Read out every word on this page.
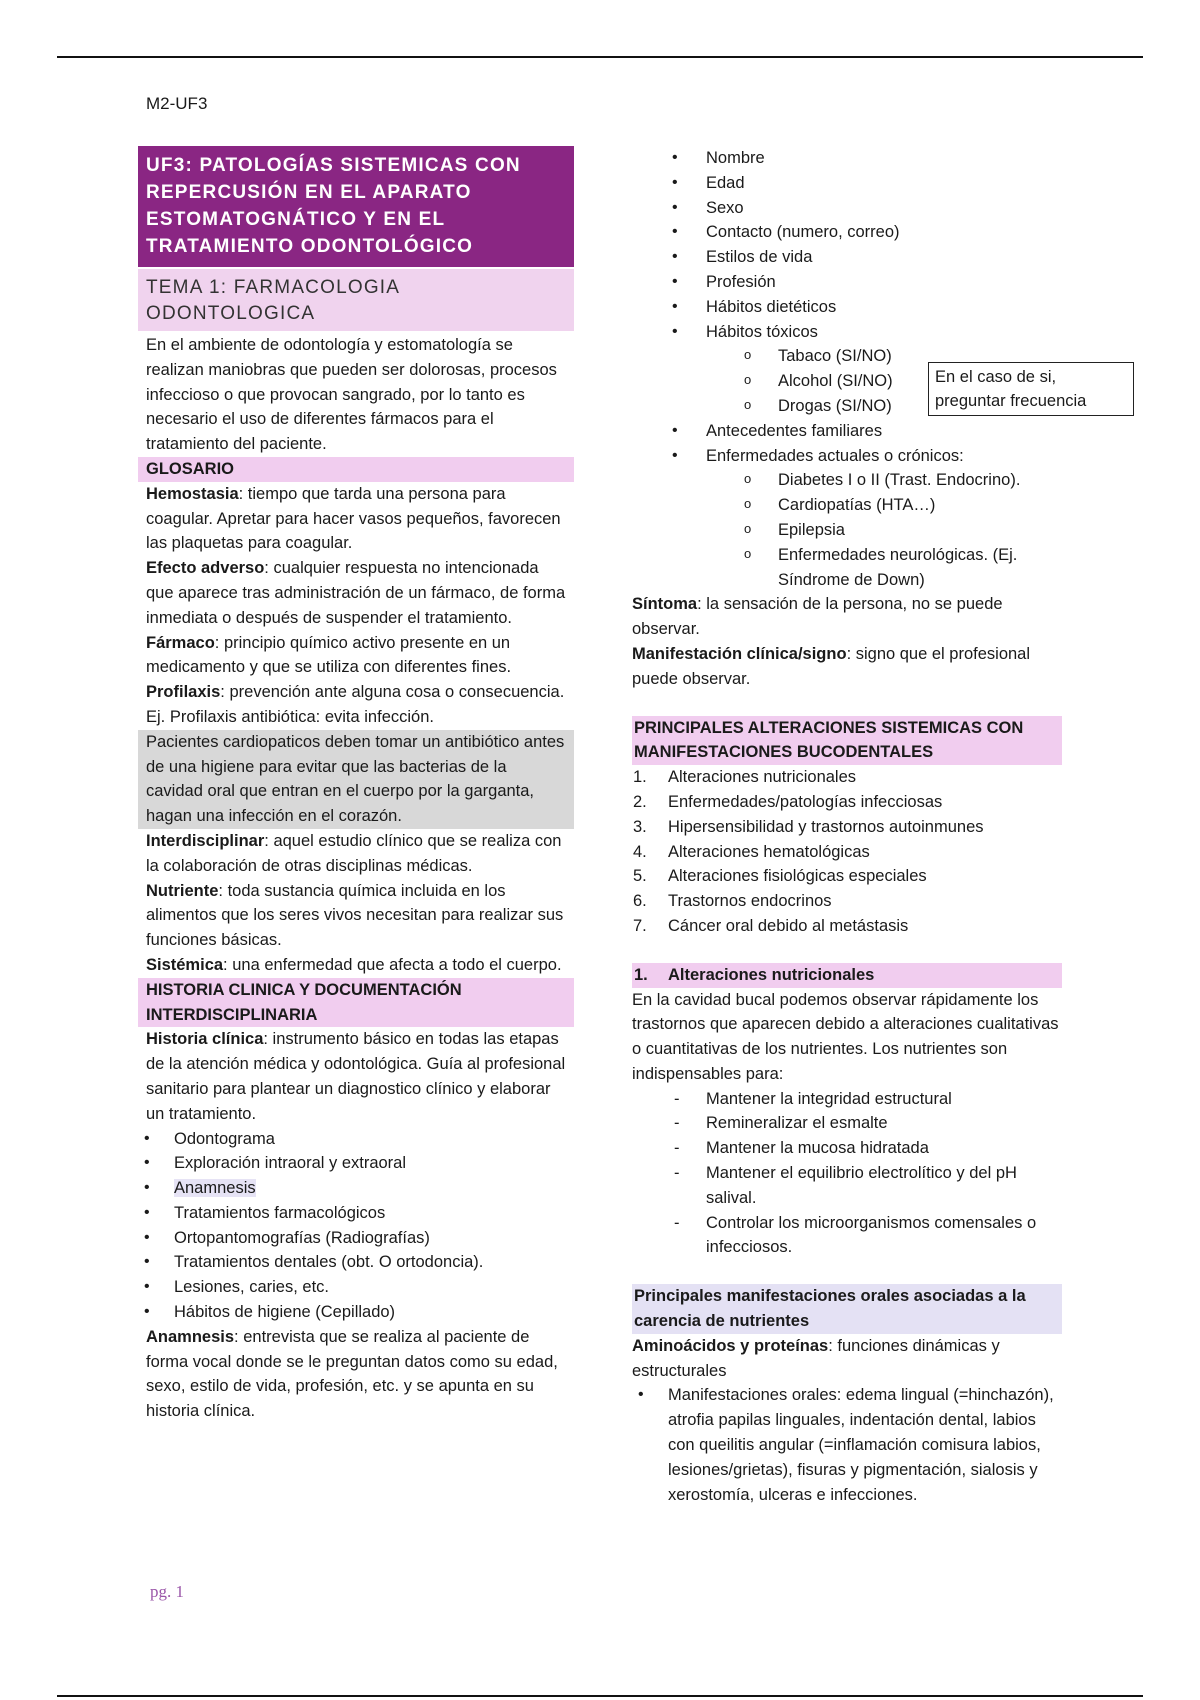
M2-UF3
UF3: PATOLOGÍAS SISTEMICAS CON REPERCUSIÓN EN EL APARATO ESTOMATOGNÁTICO Y EN EL TRATAMIENTO ODONTOLÓGICO
TEMA 1: FARMACOLOGIA ODONTOLOGICA

En el ambiente de odontología y estomatología se realizan maniobras que pueden ser dolorosas, procesos infeccioso o que provocan sangrado, por lo tanto es necesario el uso de diferentes fármacos para el tratamiento del paciente.

GLOSARIO

Hemostasia: tiempo que tarda una persona para coagular. Apretar para hacer vasos pequeños, favorecen las plaquetas para coagular.

Efecto adverso: cualquier respuesta no intencionada que aparece tras administración de un fármaco, de forma inmediata o después de suspender el tratamiento.

Fármaco: principio químico activo presente en un medicamento y que se utiliza con diferentes fines.

Profilaxis: prevención ante alguna cosa o consecuencia. Ej. Profilaxis antibiótica: evita infección.

Pacientes cardiopaticos deben tomar un antibiótico antes de una higiene para evitar que las bacterias de la cavidad oral que entran en el cuerpo por la garganta, hagan una infección en el corazón.

Interdisciplinar: aquel estudio clínico que se realiza con la colaboración de otras disciplinas médicas.

Nutriente: toda sustancia química incluida en los alimentos que los seres vivos necesitan para realizar sus funciones básicas.

Sistémica: una enfermedad que afecta a todo el cuerpo.

HISTORIA CLINICA Y DOCUMENTACIÓN INTERDISCIPLINARIA

Historia clínica: instrumento básico en todas las etapas de la atención médica y odontológica. Guía al profesional sanitario para plantear un diagnostico clínico y elaborar un tratamiento.

• Odontograma
• Exploración intraoral y extraoral
• Anamnesis
• Tratamientos farmacológicos
• Ortopantomografías (Radiografías)
• Tratamientos dentales (obt. O ortodoncia).
• Lesiones, caries, etc.
• Hábitos de higiene (Cepillado)

Anamnesis: entrevista que se realiza al paciente de forma vocal donde se le preguntan datos como su edad, sexo, estilo de vida, profesión, etc. y se apunta en su historia clínica.

• Nombre
• Edad
• Sexo
• Contacto (numero, correo)
• Estilos de vida
• Profesión
• Hábitos dietéticos
• Hábitos tóxicos
o Tabaco (SI/NO)
o Alcohol (SI/NO)
o Drogas (SI/NO)
• Antecedentes familiares
• Enfermedades actuales o crónicos:
o Diabetes I o II (Trast. Endocrino).
o Cardiopatías (HTA…)
o Epilepsia
o Enfermedades neurológicas. (Ej. Síndrome de Down)

Síntoma: la sensación de la persona, no se puede observar.

Manifestación clínica/signo: signo que el profesional puede observar.

PRINCIPALES ALTERACIONES SISTEMICAS CON MANIFESTACIONES BUCODENTALES
1. Alteraciones nutricionales
2. Enfermedades/patologías infecciosas
3. Hipersensibilidad y trastornos autoinmunes
4. Alteraciones hematológicas
5. Alteraciones fisiológicas especiales
6. Trastornos endocrinos
7. Cáncer oral debido al metástasis
1. Alteraciones nutricionales

En la cavidad bucal podemos observar rápidamente los trastornos que aparecen debido a alteraciones cualitativas o cuantitativas de los nutrientes. Los nutrientes son indispensables para:

- Mantener la integridad estructural
- Remineralizar el esmalte
- Mantener la mucosa hidratada
- Mantener el equilibrio electrolítico y del pH salival.
- Controlar los microorganismos comensales o infecciosos.
Principales manifestaciones orales asociadas a la carencia de nutrientes

Aminoácidos y proteínas: funciones dinámicas y estructurales

• Manifestaciones orales: edema lingual (=hinchazón), atrofia papilas linguales, indentación dental, labios con queilitis angular (=inflamación comisura labios, lesiones/grietas), fisuras y pigmentación, sialosis y xerostomía, ulceras e infecciones.
En el caso de si, preguntar frecuencia
pg. 1
